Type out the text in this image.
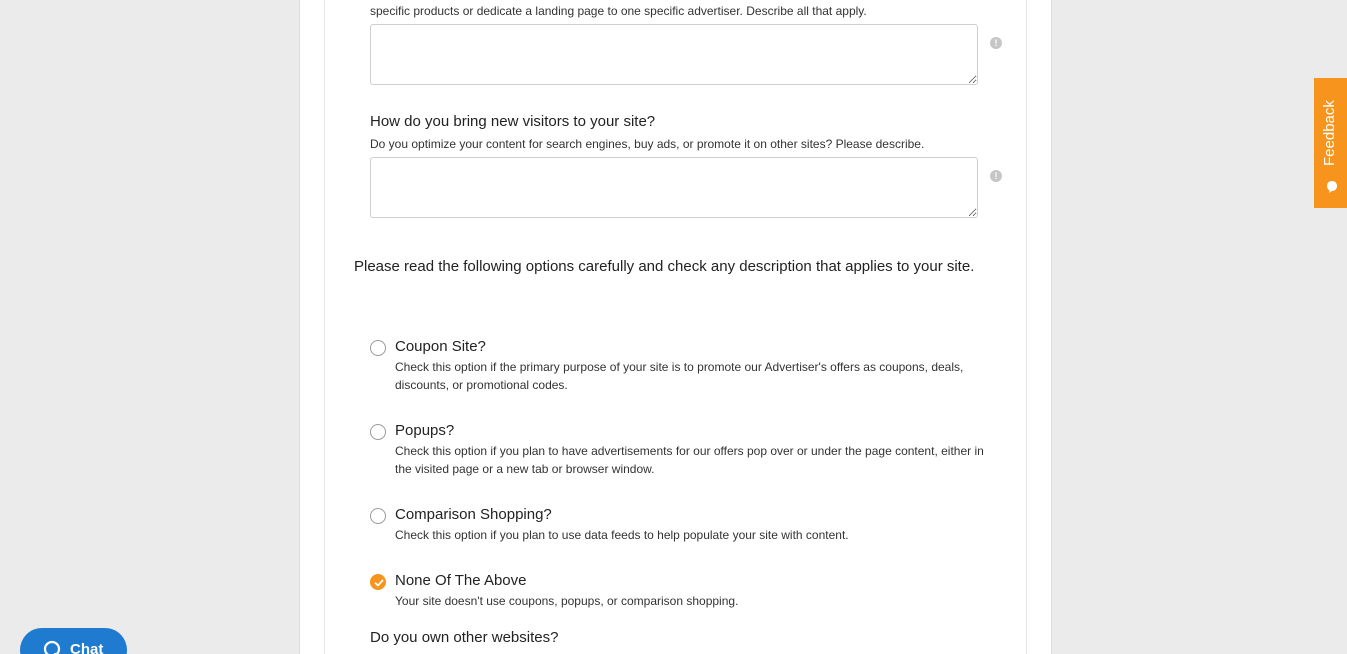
specific products or dedicate a landing page to one specific advertiser. Describe all that apply.
!
How do you bring new visitors to your site?
Do you optimize your content for search engines, buy ads, or promote it on other sites? Please describe.
!
Please read the following options carefully and check any description that applies to your site.
Coupon Site?
Check this option if the primary purpose of your site is to promote our Advertiser's offers as coupons, deals, discounts, or promotional codes.
Popups?
Check this option if you plan to have advertisements for our offers pop over or under the page content, either in the visited page or a new tab or browser window.
Comparison Shopping?
Check this option if you plan to use data feeds to help populate your site with content.
None Of The Above
Your site doesn't use coupons, popups, or comparison shopping.
Do you own other websites?
Feedback
Chat
